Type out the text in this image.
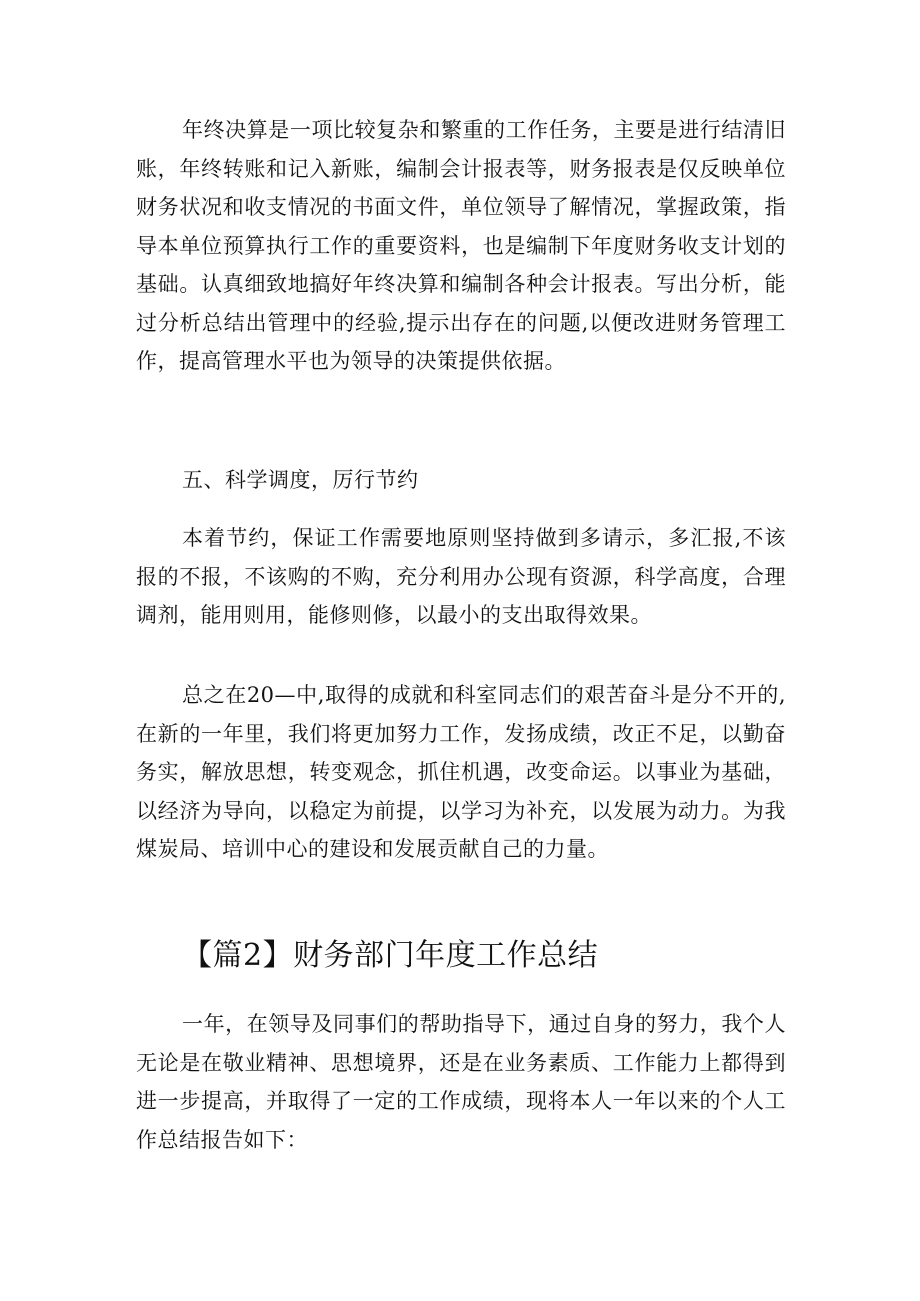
年终决算是一项比较复杂和繁重的工作任务，主要是进行结清旧账，年终转账和记入新账，编制会计报表等，财务报表是仅反映单位财务状况和收支情况的书面文件，单位领导了解情况，掌握政策，指导本单位预算执行工作的重要资料，也是编制下年度财务收支计划的基础。认真细致地搞好年终决算和编制各种会计报表。写出分析，能过分析总结出管理中的经验,提示出存在的问题,以便改进财务管理工作，提高管理水平也为领导的决策提供依据。

五、科学调度，厉行节约

本着节约，保证工作需要地原则坚持做到多请示，多汇报,不该报的不报，不该购的不购，充分利用办公现有资源，科学高度，合理调剂，能用则用，能修则修，以最小的支出取得效果。

总之在20—中,取得的成就和科室同志们的艰苦奋斗是分不开的,在新的一年里，我们将更加努力工作，发扬成绩，改正不足，以勤奋务实，解放思想，转变观念，抓住机遇，改变命运。以事业为基础，以经济为导向，以稳定为前提，以学习为补充，以发展为动力。为我煤炭局、培训中心的建设和发展贡献自己的力量。

【篇2】财务部门年度工作总结

一年，在领导及同事们的帮助指导下，通过自身的努力，我个人无论是在敬业精神、思想境界，还是在业务素质、工作能力上都得到进一步提高，并取得了一定的工作成绩，现将本人一年以来的个人工作总结报告如下：
